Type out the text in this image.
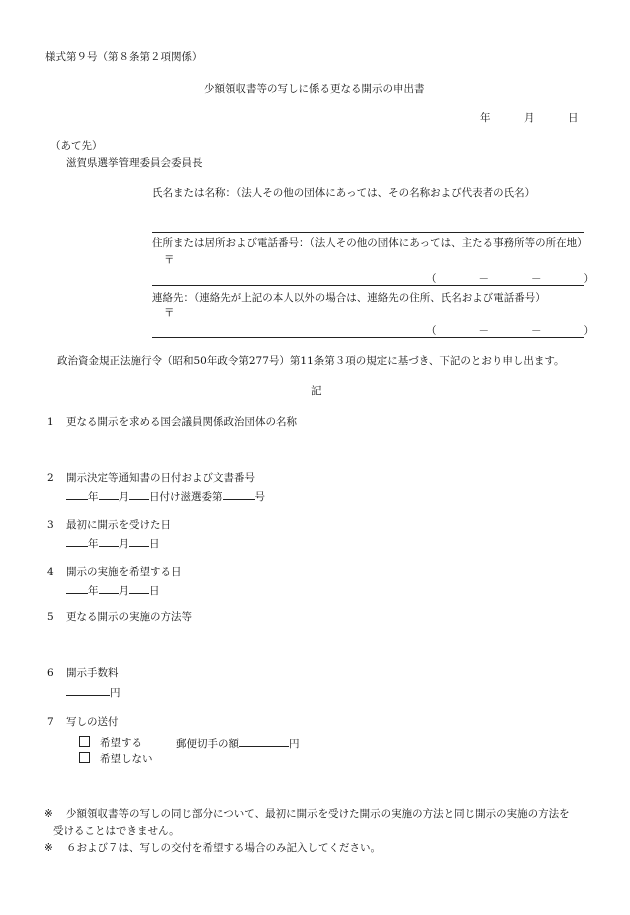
様式第９号（第８条第２項関係）
少額領収書等の写しに係る更なる開示の申出書
年	月	日
（あて先）
滋賀県選挙管理委員会委員長
氏名または名称：（法人その他の団体にあっては、その名称および代表者の氏名）
住所または居所および電話番号：（法人その他の団体にあっては、主たる事務所等の所在地）
〒
（　　　　－　　　　－　　　　）
連絡先：（連絡先が上記の本人以外の場合は、連絡先の住所、氏名および電話番号）
〒
（　　　　－　　　　－　　　　）
政治資金規正法施行令（昭和50年政令第277号）第11条第３項の規定に基づき、下記のとおり申し出ます。
記
1 更なる開示を求める国会議員関係政治団体の名称
2 開示決定等通知書の日付および文書番号
年 月 日付け滋選委第	号
3 最初に開示を受けた日
年 月 日
4 開示の実施を希望する日
年 月 日
5 更なる開示の実施の方法等
6 開示手数料
円
7 写しの送付
希望する	郵便切手の額	円
希望しない
※ 少額領収書等の写しの同じ部分について、最初に開示を受けた開示の実施の方法と同じ開示の実施の方法を
受けることはできません。
※ ６および７は、写しの交付を希望する場合のみ記入してください。
